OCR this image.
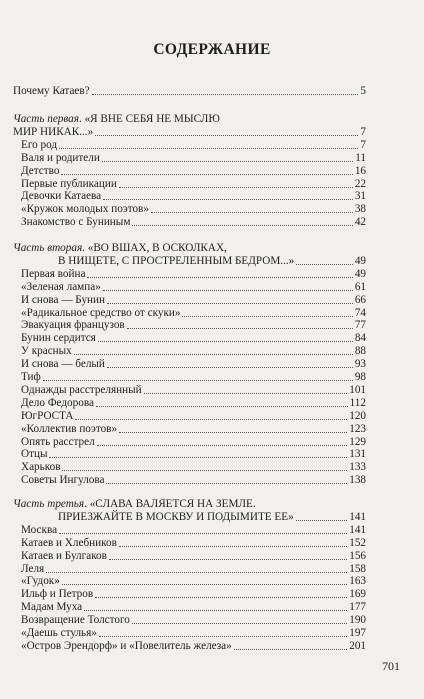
СОДЕРЖАНИЕ
Почему Катаев?	5
Часть первая . «Я ВНЕ СЕБЯ НЕ МЫСЛЮ
МИР НИКАК...»	7
Его род	7
Валя и родители	11
Детство	16
Первые публикации	22
Девочки Катаева	31
«Кружок молодых поэтов»	38
Знакомство с Буниным	42
Часть вторая . «ВО ВШАХ, В ОСКОЛКАХ,
В НИЩЕТЕ, С ПРОСТРЕЛЕННЫМ БЕДРОМ...»	49
Первая война	49
«Зеленая лампа»	61
И снова — Бунин	66
«Радикальное средство от скуки»	74
Эвакуация французов	77
Бунин сердится	84
У красных	88
И снова — белый	93
Тиф	98
Однажды расстрелянный	101
Дело Федорова	112
ЮгРОСТА	120
«Коллектив поэтов»	123
Опять расстрел	129
Отцы	131
Харьков	133
Советы Ингулова	138
Часть третья . «СЛАВА ВАЛЯЕТСЯ НА ЗЕМЛЕ.
ПРИЕЗЖАЙТЕ В МОСКВУ И ПОДЫМИТЕ ЕЕ»	141
Москва	141
Катаев и Хлебников	152
Катаев и Булгаков	156
Леля	158
«Гудок»	163
Ильф и Петров	169
Мадам Муха	177
Возвращение Толстого	190
«Даешь стулья»	197
«Остров Эрендорф» и «Повелитель железа»	201
701
